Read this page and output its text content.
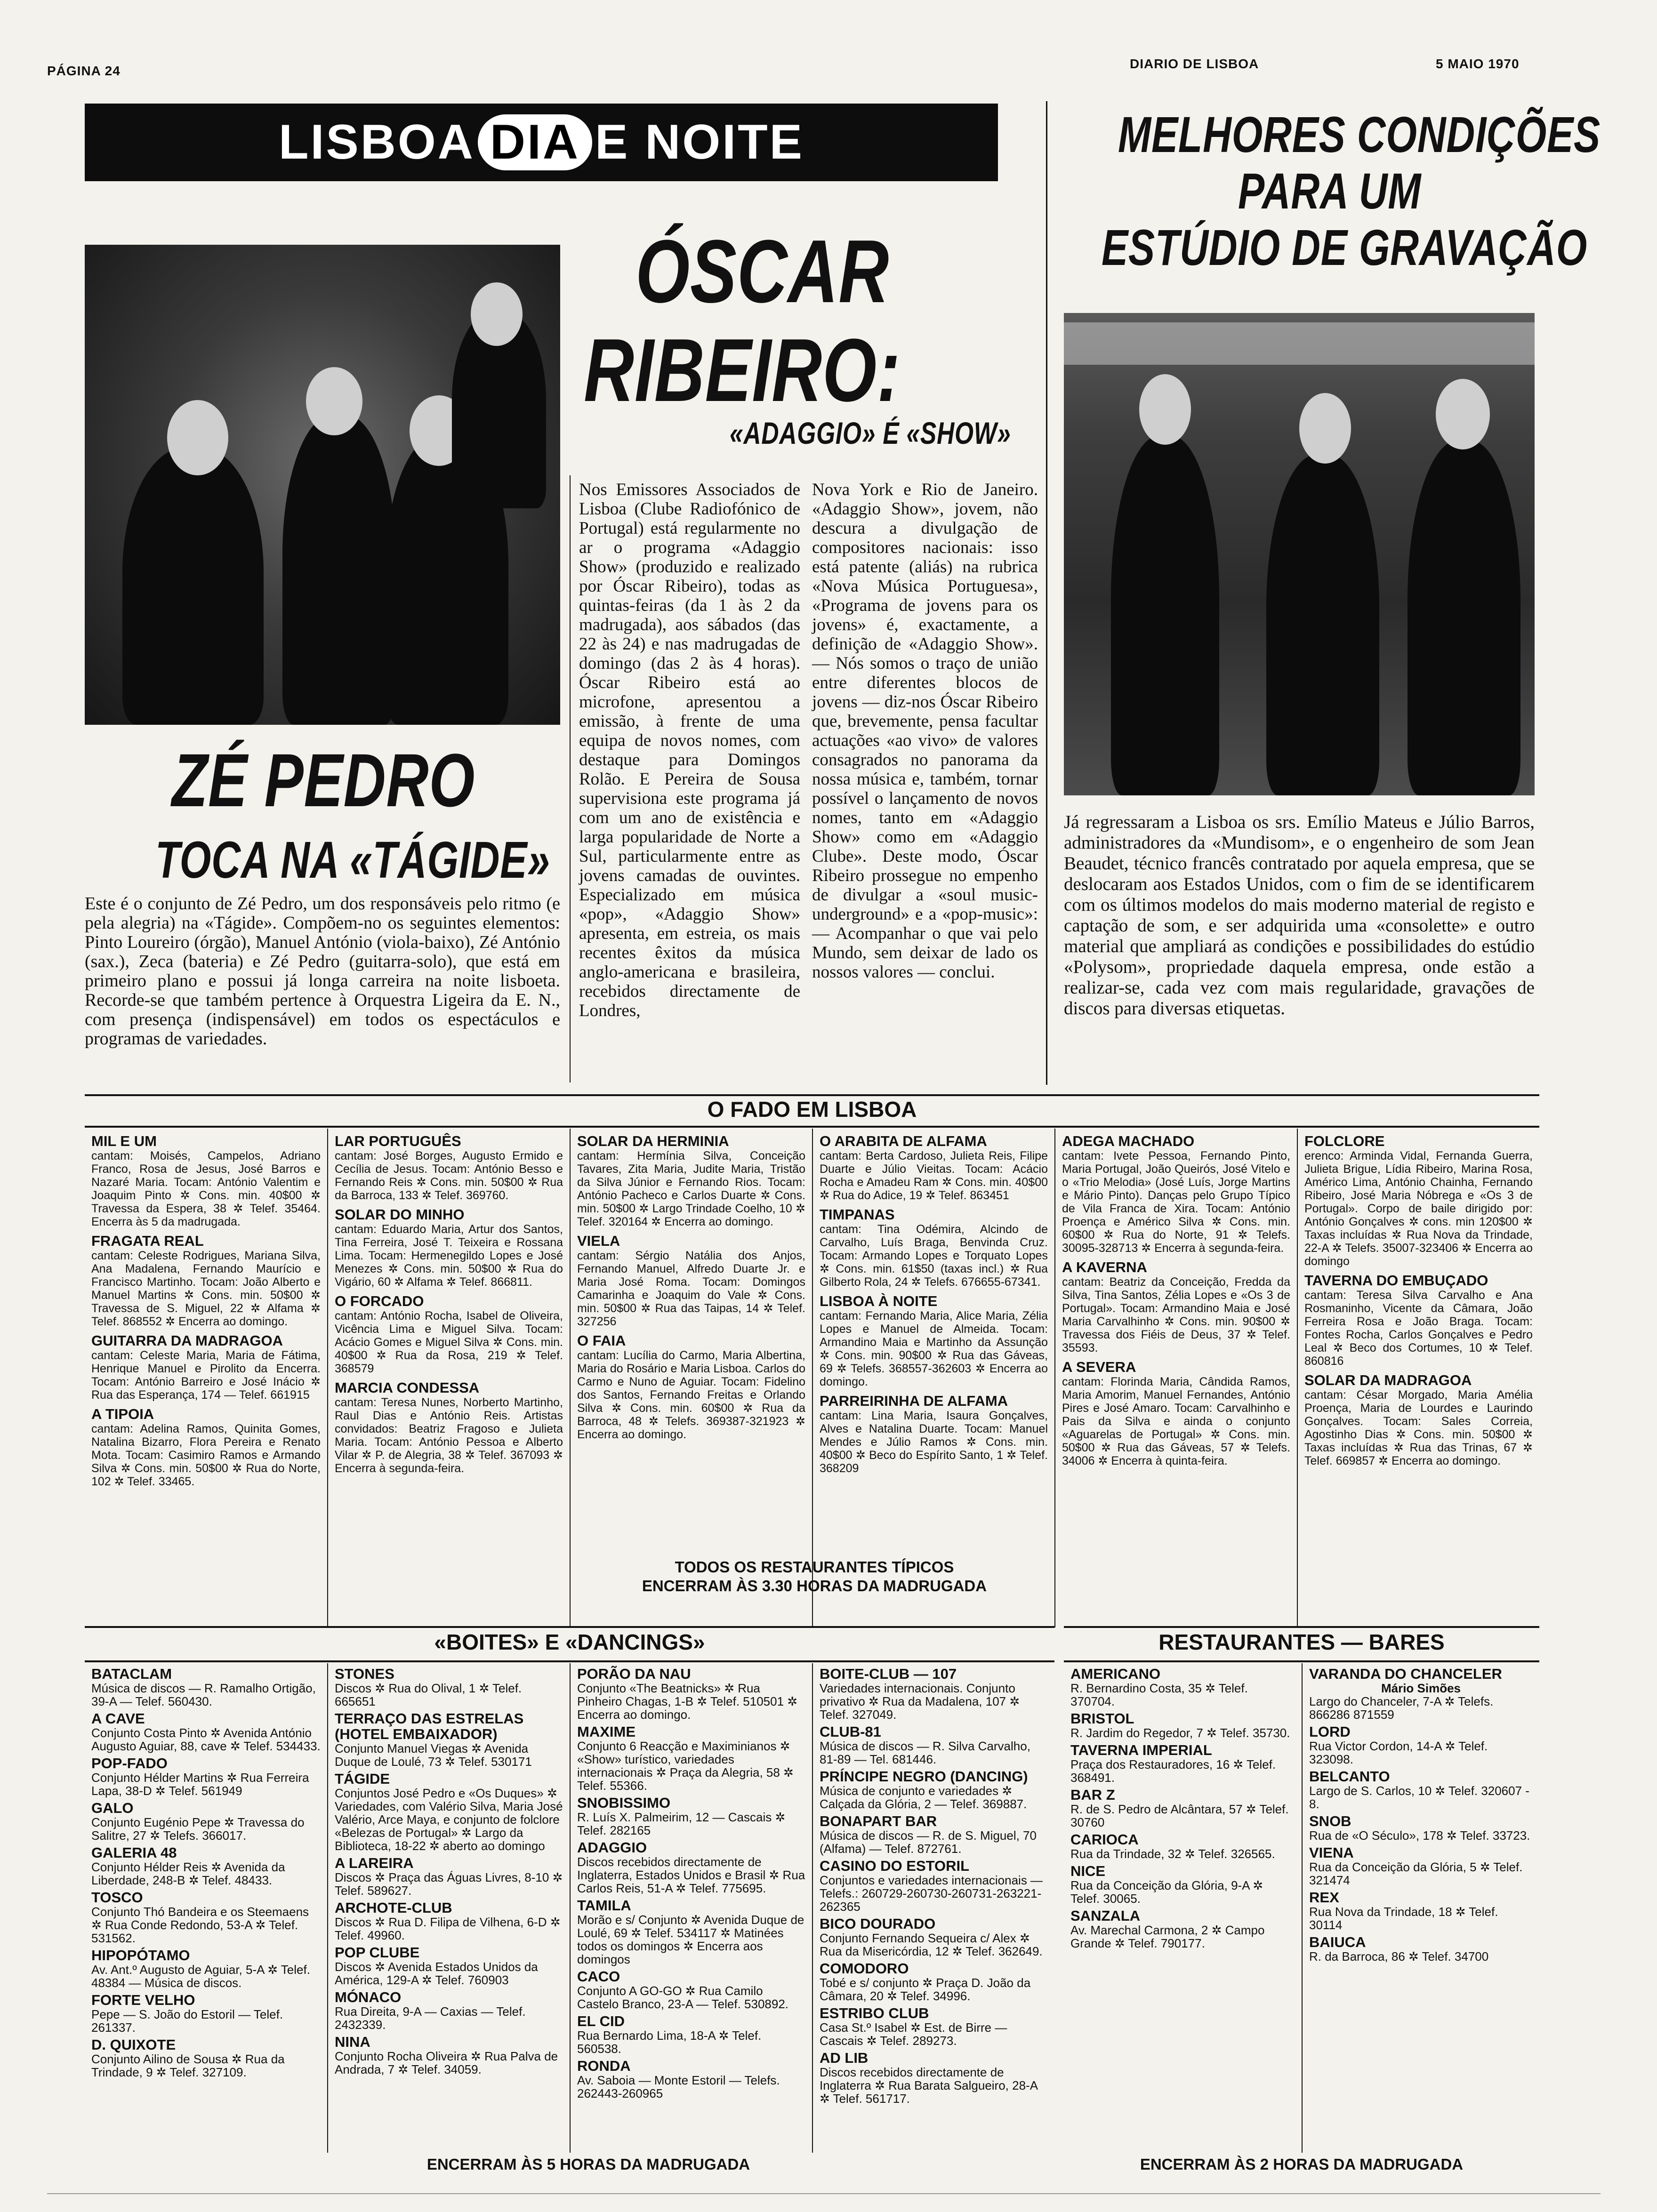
PÁGINA 24	DIARIO DE LISBOA	5 MAIO 1970
LISBOA DIA E NOITE
ZÉ PEDRO
TOCA NA «TÁGIDE»
Este é o conjunto de Zé Pedro, um dos responsáveis pelo ritmo (e pela alegria) na «Tágide». Compõem-no os seguintes elementos: Pinto Loureiro (órgão), Manuel António (viola-baixo), Zé António (sax.), Zeca (bateria) e Zé Pedro (guitarra-solo), que está em primeiro plano e possui já longa carreira na noite lisboeta. Recorde-se que também pertence à Orquestra Ligeira da E. N., com presença (indispensável) em todos os espectáculos e programas de variedades.
ÓSCAR
RIBEIRO:
«ADAGGIO» É «SHOW»
Nos Emissores Associados de Lisboa (Clube Radiofónico de Portugal) está regularmente no ar o programa «Adaggio Show» (produzido e realizado por Óscar Ribeiro), todas as quintas-feiras (da 1 às 2 da madrugada), aos sábados (das 22 às 24) e nas madrugadas de domingo (das 2 às 4 horas). Óscar Ribeiro está ao microfone, apresentou a emissão, à frente de uma equipa de novos nomes, com destaque para Domingos Rolão. E Pereira de Sousa supervisiona este programa já com um ano de existência e larga popularidade de Norte a Sul, particularmente entre as jovens camadas de ouvintes. Especializado em música «pop», «Adaggio Show» apresenta, em estreia, os mais recentes êxitos da música anglo-americana e brasileira, recebidos directamente de Londres,
Nova York e Rio de Janeiro. «Adaggio Show», jovem, não descura a divulgação de compositores nacionais: isso está patente (aliás) na rubrica «Nova Música Portuguesa», «Programa de jovens para os jovens» é, exactamente, a definição de «Adaggio Show». — Nós somos o traço de união entre diferentes blocos de jovens — diz-nos Óscar Ribeiro que, brevemente, pensa facultar actuações «ao vivo» de valores consagrados no panorama da nossa música e, também, tornar possível o lançamento de novos nomes, tanto em «Adaggio Show» como em «Adaggio Clube». Deste modo, Óscar Ribeiro prossegue no empenho de divulgar a «soul music-underground» e a «pop-music»: — Acompanhar o que vai pelo Mundo, sem deixar de lado os nossos valores — conclui.
MELHORES CONDIÇÕES
PARA UM
ESTÚDIO DE GRAVAÇÃO
Já regressaram a Lisboa os srs. Emílio Mateus e Júlio Barros, administradores da «Mundisom», e o engenheiro de som Jean Beaudet, técnico francês contratado por aquela empresa, que se deslocaram aos Estados Unidos, com o fim de se identificarem com os últimos modelos do mais moderno material de registo e captação de som, e ser adquirida uma «consolette» e outro material que ampliará as condições e possibilidades do estúdio «Polysom», propriedade daquela empresa, onde estão a realizar-se, cada vez com mais regularidade, gravações de discos para diversas etiquetas.
O FADO EM LISBOA
MIL E UM
cantam: Moisés, Campelos, Adriano Franco, Rosa de Jesus, José Barros e Nazaré Maria. Tocam: António Valentim e Joaquim Pinto ✲ Cons. min. 40$00 ✲ Travessa da Espera, 38 ✲ Telef. 35464. Encerra às 5 da madrugada.
FRAGATA REAL
cantam: Celeste Rodrigues, Mariana Silva, Ana Madalena, Fernando Maurício e Francisco Martinho. Tocam: João Alberto e Manuel Martins ✲ Cons. min. 50$00 ✲ Travessa de S. Miguel, 22 ✲ Alfama ✲ Telef. 868552 ✲ Encerra ao domingo.
GUITARRA DA MADRAGOA
cantam: Celeste Maria, Maria de Fátima, Henrique Manuel e Pirolito da Encerra. Tocam: António Barreiro e José Inácio ✲ Rua das Esperança, 174 — Telef. 661915
A TIPOIA
cantam: Adelina Ramos, Quinita Gomes, Natalina Bizarro, Flora Pereira e Renato Mota. Tocam: Casimiro Ramos e Armando Silva ✲ Cons. min. 50$00 ✲ Rua do Norte, 102 ✲ Telef. 33465.
LAR PORTUGUÊS
cantam: José Borges, Augusto Ermido e Cecília de Jesus. Tocam: António Besso e Fernando Reis ✲ Cons. min. 50$00 ✲ Rua da Barroca, 133 ✲ Telef. 369760.
SOLAR DO MINHO
cantam: Eduardo Maria, Artur dos Santos, Tina Ferreira, José T. Teixeira e Rossana Lima. Tocam: Hermenegildo Lopes e José Menezes ✲ Cons. min. 50$00 ✲ Rua do Vigário, 60 ✲ Alfama ✲ Telef. 866811.
O FORCADO
cantam: António Rocha, Isabel de Oliveira, Vicência Lima e Miguel Silva. Tocam: Acácio Gomes e Miguel Silva ✲ Cons. min. 40$00 ✲ Rua da Rosa, 219 ✲ Telef. 368579
MARCIA CONDESSA
cantam: Teresa Nunes, Norberto Martinho, Raul Dias e António Reis. Artistas convidados: Beatriz Fragoso e Julieta Maria. Tocam: António Pessoa e Alberto Vilar ✲ P. de Alegria, 38 ✲ Telef. 367093 ✲ Encerra à segunda-feira.
SOLAR DA HERMINIA
cantam: Hermínia Silva, Conceição Tavares, Zita Maria, Judite Maria, Tristão da Silva Júnior e Fernando Rios. Tocam: António Pacheco e Carlos Duarte ✲ Cons. min. 50$00 ✲ Largo Trindade Coelho, 10 ✲ Telef. 320164 ✲ Encerra ao domingo.
VIELA
cantam: Sérgio Natália dos Anjos, Fernando Manuel, Alfredo Duarte Jr. e Maria José Roma. Tocam: Domingos Camarinha e Joaquim do Vale ✲ Cons. min. 50$00 ✲ Rua das Taipas, 14 ✲ Telef. 327256
O FAIA
cantam: Lucília do Carmo, Maria Albertina, Maria do Rosário e Maria Lisboa. Carlos do Carmo e Nuno de Aguiar. Tocam: Fidelino dos Santos, Fernando Freitas e Orlando Silva ✲ Cons. min. 60$00 ✲ Rua da Barroca, 48 ✲ Telefs. 369387-321923 ✲ Encerra ao domingo.
O ARABITA DE ALFAMA
cantam: Berta Cardoso, Julieta Reis, Filipe Duarte e Júlio Vieitas. Tocam: Acácio Rocha e Amadeu Ram ✲ Cons. min. 40$00 ✲ Rua do Adice, 19 ✲ Telef. 863451
TIMPANAS
cantam: Tina Odémira, Alcindo de Carvalho, Luís Braga, Benvinda Cruz. Tocam: Armando Lopes e Torquato Lopes ✲ Cons. min. 61$50 (taxas incl.) ✲ Rua Gilberto Rola, 24 ✲ Telefs. 676655-67341.
LISBOA À NOITE
cantam: Fernando Maria, Alice Maria, Zélia Lopes e Manuel de Almeida. Tocam: Armandino Maia e Martinho da Assunção ✲ Cons. min. 90$00 ✲ Rua das Gáveas, 69 ✲ Telefs. 368557-362603 ✲ Encerra ao domingo.
PARREIRINHA DE ALFAMA
cantam: Lina Maria, Isaura Gonçalves, Alves e Natalina Duarte. Tocam: Manuel Mendes e Júlio Ramos ✲ Cons. min. 40$00 ✲ Beco do Espírito Santo, 1 ✲ Telef. 368209
ADEGA MACHADO
cantam: Ivete Pessoa, Fernando Pinto, Maria Portugal, João Queirós, José Vitelo e o «Trio Melodia» (José Luís, Jorge Martins e Mário Pinto). Danças pelo Grupo Típico de Vila Franca de Xira. Tocam: António Proença e Américo Silva ✲ Cons. min. 60$00 ✲ Rua do Norte, 91 ✲ Telefs. 30095-328713 ✲ Encerra à segunda-feira.
A KAVERNA
cantam: Beatriz da Conceição, Fredda da Silva, Tina Santos, Zélia Lopes e «Os 3 de Portugal». Tocam: Armandino Maia e José Maria Carvalhinho ✲ Cons. min. 90$00 ✲ Travessa dos Fiéis de Deus, 37 ✲ Telef. 35593.
A SEVERA
cantam: Florinda Maria, Cândida Ramos, Maria Amorim, Manuel Fernandes, António Pires e José Amaro. Tocam: Carvalhinho e Pais da Silva e ainda o conjunto «Aguarelas de Portugal» ✲ Cons. min. 50$00 ✲ Rua das Gáveas, 57 ✲ Telefs. 34006 ✲ Encerra à quinta-feira.
FOLCLORE
erenco: Arminda Vidal, Fernanda Guerra, Julieta Brigue, Lídia Ribeiro, Marina Rosa, Américo Lima, António Chainha, Fernando Ribeiro, José Maria Nóbrega e «Os 3 de Portugal». Corpo de baile dirigido por: António Gonçalves ✲ cons. min 120$00 ✲ Taxas incluídas ✲ Rua Nova da Trindade, 22-A ✲ Telefs. 35007-323406 ✲ Encerra ao domingo
TAVERNA DO EMBUÇADO
cantam: Teresa Silva Carvalho e Ana Rosmaninho, Vicente da Câmara, João Ferreira Rosa e João Braga. Tocam: Fontes Rocha, Carlos Gonçalves e Pedro Leal ✲ Beco dos Cortumes, 10 ✲ Telef. 860816
SOLAR DA MADRAGOA
cantam: César Morgado, Maria Amélia Proença, Maria de Lourdes e Laurindo Gonçalves. Tocam: Sales Correia, Agostinho Dias ✲ Cons. min. 50$00 ✲ Taxas incluídas ✲ Rua das Trinas, 67 ✲ Telef. 669857 ✲ Encerra ao domingo.
TODOS OS RESTAURANTES TÍPICOS
ENCERRAM ÀS 3.30 HORAS DA MADRUGADA
«BOITES» E «DANCINGS»
BATACLAM
Música de discos — R. Ramalho Ortigão, 39-A — Telef. 560430.
A CAVE
Conjunto Costa Pinto ✲ Avenida António Augusto Aguiar, 88, cave ✲ Telef. 534433.
POP-FADO
Conjunto Hélder Martins ✲ Rua Ferreira Lapa, 38-D ✲ Telef. 561949
GALO
Conjunto Eugénio Pepe ✲ Travessa do Salitre, 27 ✲ Telefs. 366017.
GALERIA 48
Conjunto Hélder Reis ✲ Avenida da Liberdade, 248-B ✲ Telef. 48433.
TOSCO
Conjunto Thó Bandeira e os Steemaens ✲ Rua Conde Redondo, 53-A ✲ Telef. 531562.
HIPOPÓTAMO
Av. Ant.º Augusto de Aguiar, 5-A ✲ Telef. 48384 — Música de discos.
FORTE VELHO
Pepe — S. João do Estoril — Telef. 261337.
D. QUIXOTE
Conjunto Ailino de Sousa ✲ Rua da Trindade, 9 ✲ Telef. 327109.
STONES
Discos ✲ Rua do Olival, 1 ✲ Telef. 665651
TERRAÇO DAS ESTRELAS (HOTEL EMBAIXADOR)
Conjunto Manuel Viegas ✲ Avenida Duque de Loulé, 73 ✲ Telef. 530171
TÁGIDE
Conjuntos José Pedro e «Os Duques» ✲ Variedades, com Valério Silva, Maria José Valério, Arce Maya, e conjunto de folclore «Belezas de Portugal» ✲ Largo da Biblioteca, 18-22 ✲ aberto ao domingo
A LAREIRA
Discos ✲ Praça das Águas Livres, 8-10 ✲ Telef. 589627.
ARCHOTE-CLUB
Discos ✲ Rua D. Filipa de Vilhena, 6-D ✲ Telef. 49960.
POP CLUBE
Discos ✲ Avenida Estados Unidos da América, 129-A ✲ Telef. 760903
MÓNACO
Rua Direita, 9-A — Caxias — Telef. 2432339.
NINA
Conjunto Rocha Oliveira ✲ Rua Palva de Andrada, 7 ✲ Telef. 34059.
PORÃO DA NAU
Conjunto «The Beatnicks» ✲ Rua Pinheiro Chagas, 1-B ✲ Telef. 510501 ✲ Encerra ao domingo.
MAXIME
Conjunto 6 Reacção e Maximinianos ✲ «Show» turístico, variedades internacionais ✲ Praça da Alegria, 58 ✲ Telef. 55366.
SNOBISSIMO
R. Luís X. Palmeirim, 12 — Cascais ✲ Telef. 282165
ADAGGIO
Discos recebidos directamente de Inglaterra, Estados Unidos e Brasil ✲ Rua Carlos Reis, 51-A ✲ Telef. 775695.
TAMILA
Morão e s/ Conjunto ✲ Avenida Duque de Loulé, 69 ✲ Telef. 534117 ✲ Matinées todos os domingos ✲ Encerra aos domingos
CACO
Conjunto A GO-GO ✲ Rua Camilo Castelo Branco, 23-A — Telef. 530892.
EL CID
Rua Bernardo Lima, 18-A ✲ Telef. 560538.
RONDA
Av. Saboia — Monte Estoril — Telefs. 262443-260965
BOITE-CLUB — 107
Variedades internacionais. Conjunto privativo ✲ Rua da Madalena, 107 ✲ Telef. 327049.
CLUB-81
Música de discos — R. Silva Carvalho, 81-89 — Tel. 681446.
PRÍNCIPE NEGRO (DANCING)
Música de conjunto e variedades ✲ Calçada da Glória, 2 — Telef. 369887.
BONAPART BAR
Música de discos — R. de S. Miguel, 70 (Alfama) — Telef. 872761.
CASINO DO ESTORIL
Conjuntos e variedades internacionais — Telefs.: 260729-260730-260731-263221-262365
BICO DOURADO
Conjunto Fernando Sequeira c/ Alex ✲ Rua da Misericórdia, 12 ✲ Telef. 362649.
COMODORO
Tobé e s/ conjunto ✲ Praça D. João da Câmara, 20 ✲ Telef. 34996.
ESTRIBO CLUB
Casa St.º Isabel ✲ Est. de Birre — Cascais ✲ Telef. 289273.
AD LIB
Discos recebidos directamente de Inglaterra ✲ Rua Barata Salgueiro, 28-A ✲ Telef. 561717.
ENCERRAM ÀS 5 HORAS DA MADRUGADA
RESTAURANTES — BARES
AMERICANO
R. Bernardino Costa, 35 ✲ Telef. 370704.
BRISTOL
R. Jardim do Regedor, 7 ✲ Telef. 35730.
TAVERNA IMPERIAL
Praça dos Restauradores, 16 ✲ Telef. 368491.
BAR Z
R. de S. Pedro de Alcântara, 57 ✲ Telef. 30760
CARIOCA
Rua da Trindade, 32 ✲ Telef. 326565.
NICE
Rua da Conceição da Glória, 9-A ✲ Telef. 30065.
SANZALA
Av. Marechal Carmona, 2 ✲ Campo Grande ✲ Telef. 790177.
VARANDA DO CHANCELER
Mário Simões
Largo do Chanceler, 7-A ✲ Telefs. 866286 871559
LORD
Rua Victor Cordon, 14-A ✲ Telef. 323098.
BELCANTO
Largo de S. Carlos, 10 ✲ Telef. 320607 - 8.
SNOB
Rua de «O Século», 178 ✲ Telef. 33723.
VIENA
Rua da Conceição da Glória, 5 ✲ Telef. 321474
REX
Rua Nova da Trindade, 18 ✲ Telef. 30114
BAIUCA
R. da Barroca, 86 ✲ Telef. 34700
ENCERRAM ÀS 2 HORAS DA MADRUGADA
